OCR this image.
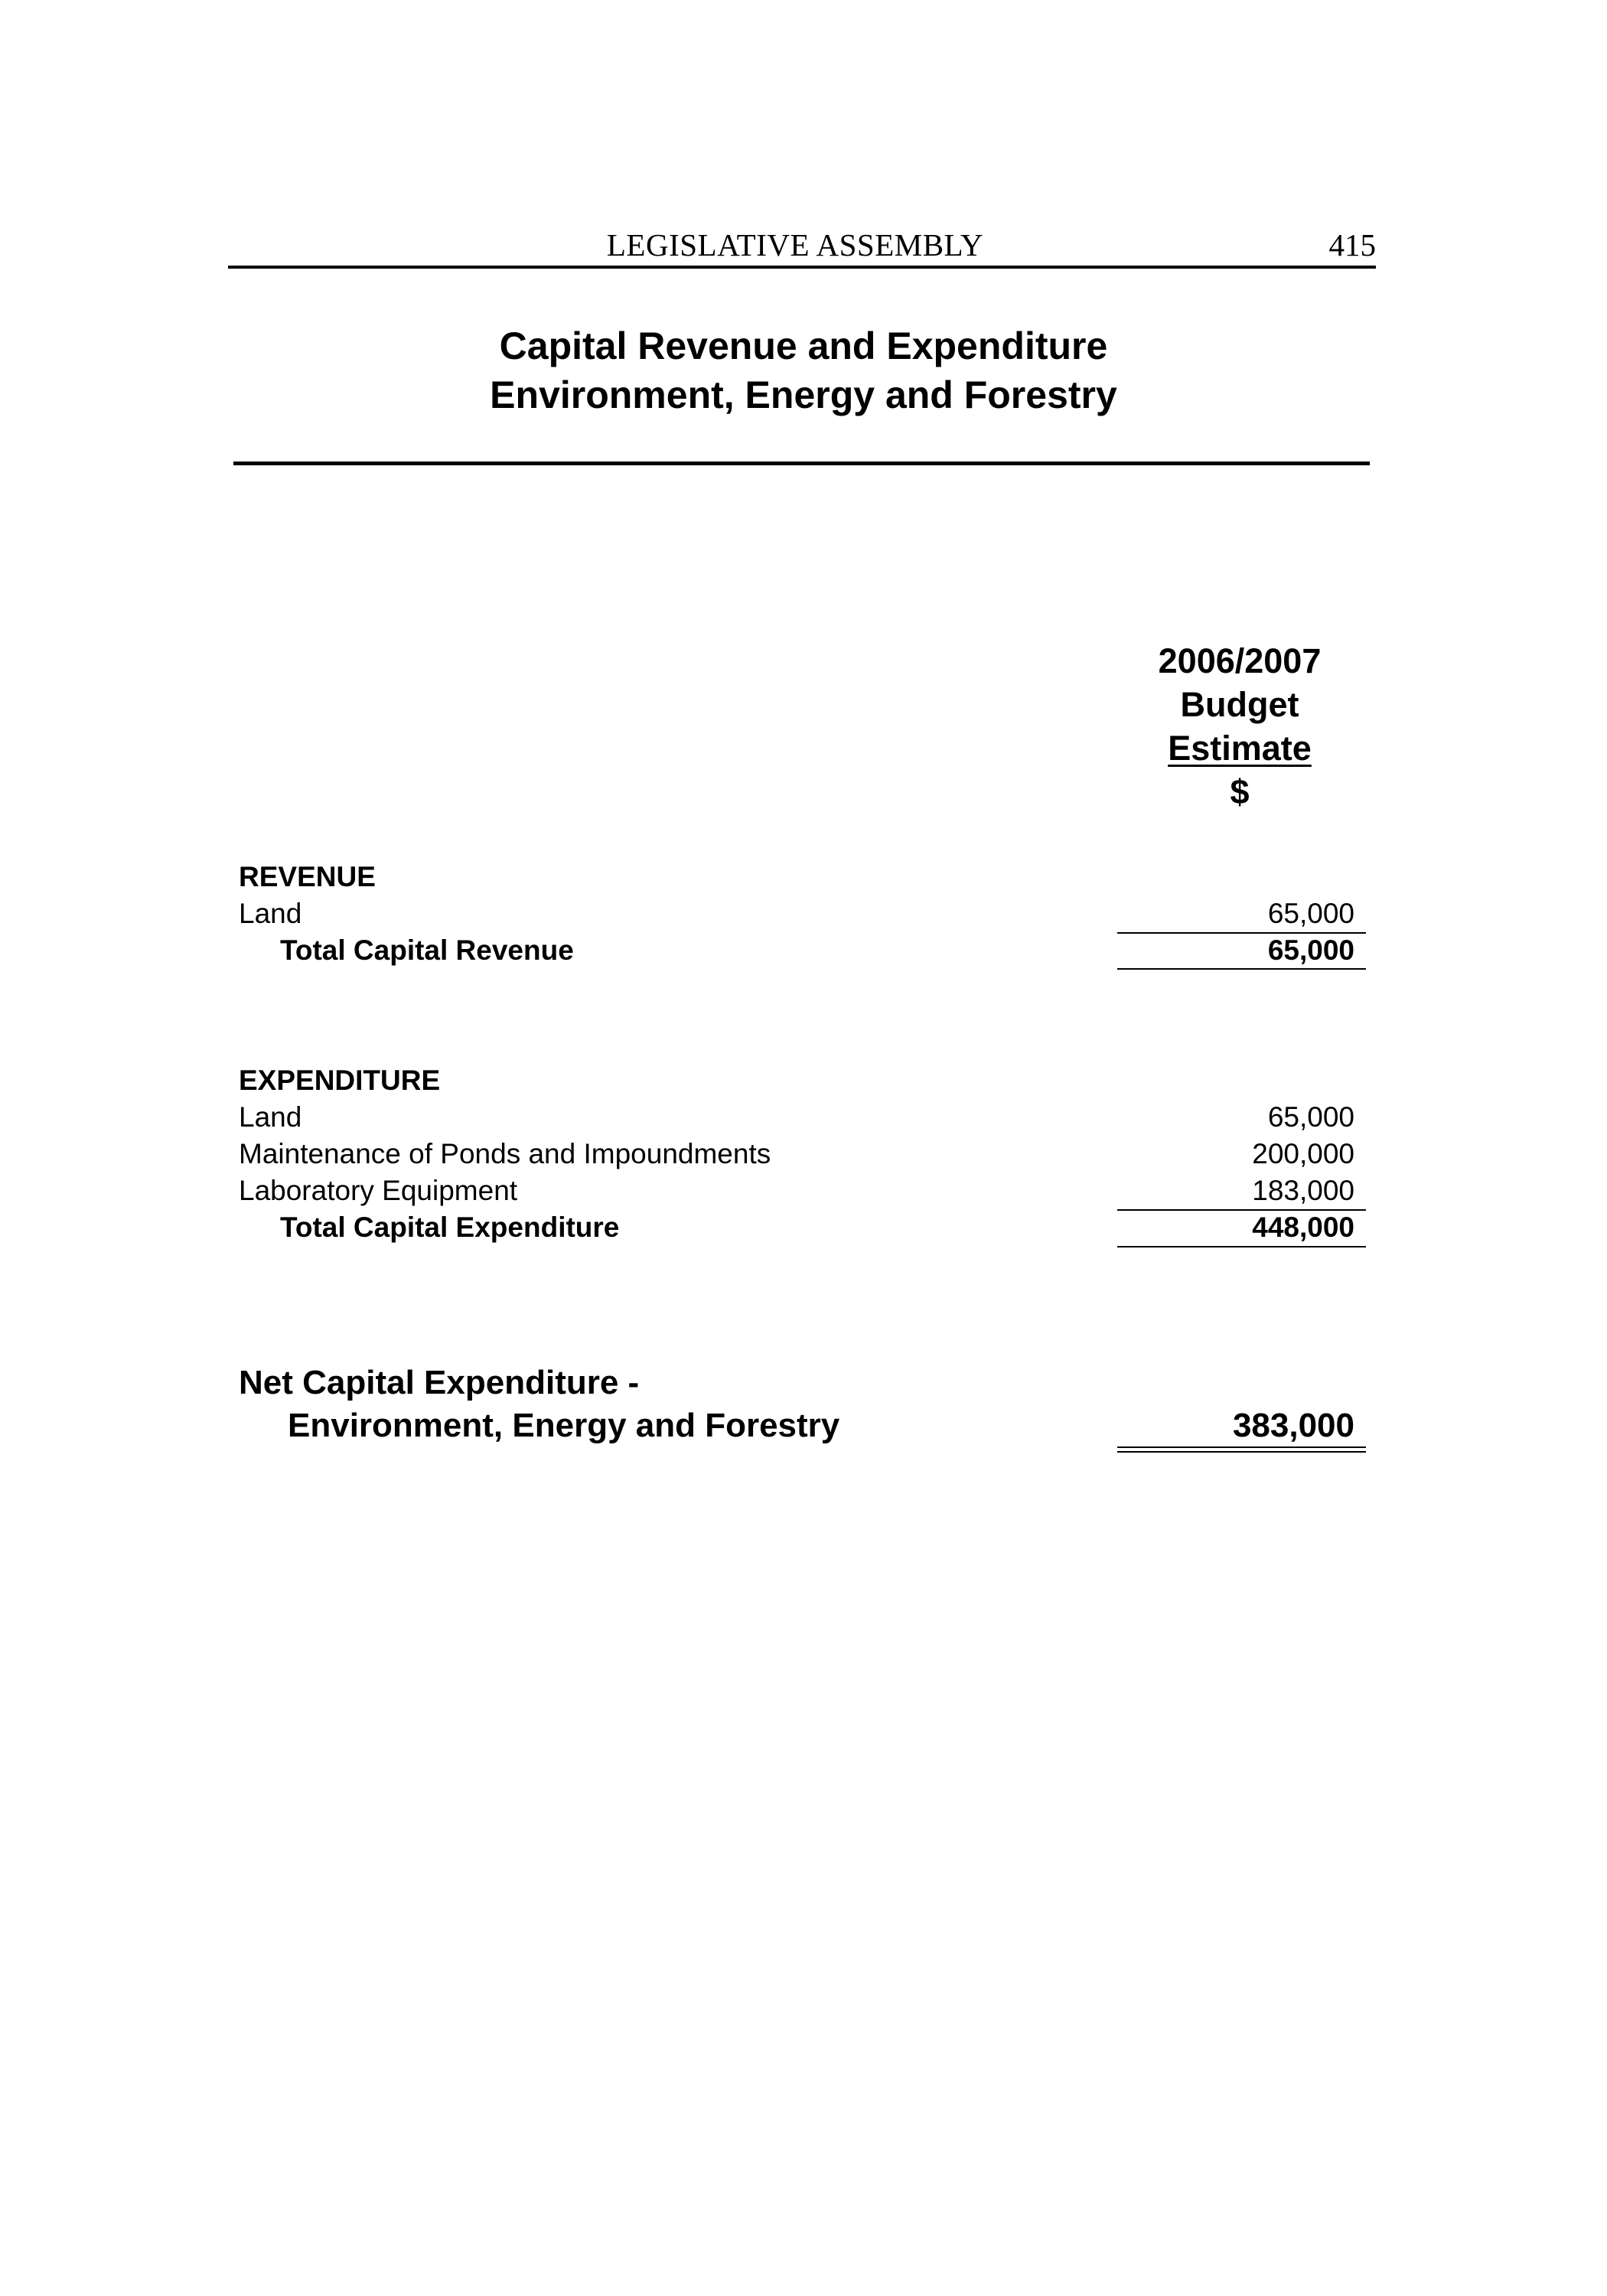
LEGISLATIVE ASSEMBLY	415
Capital Revenue and Expenditure
Environment, Energy and Forestry
2006/2007
Budget
Estimate
$
REVENUE
Land	65,000
Total Capital Revenue	65,000
EXPENDITURE
Land	65,000
Maintenance of Ponds and Impoundments	200,000
Laboratory Equipment	183,000
Total Capital Expenditure	448,000
Net Capital Expenditure -
Environment, Energy and Forestry	383,000
